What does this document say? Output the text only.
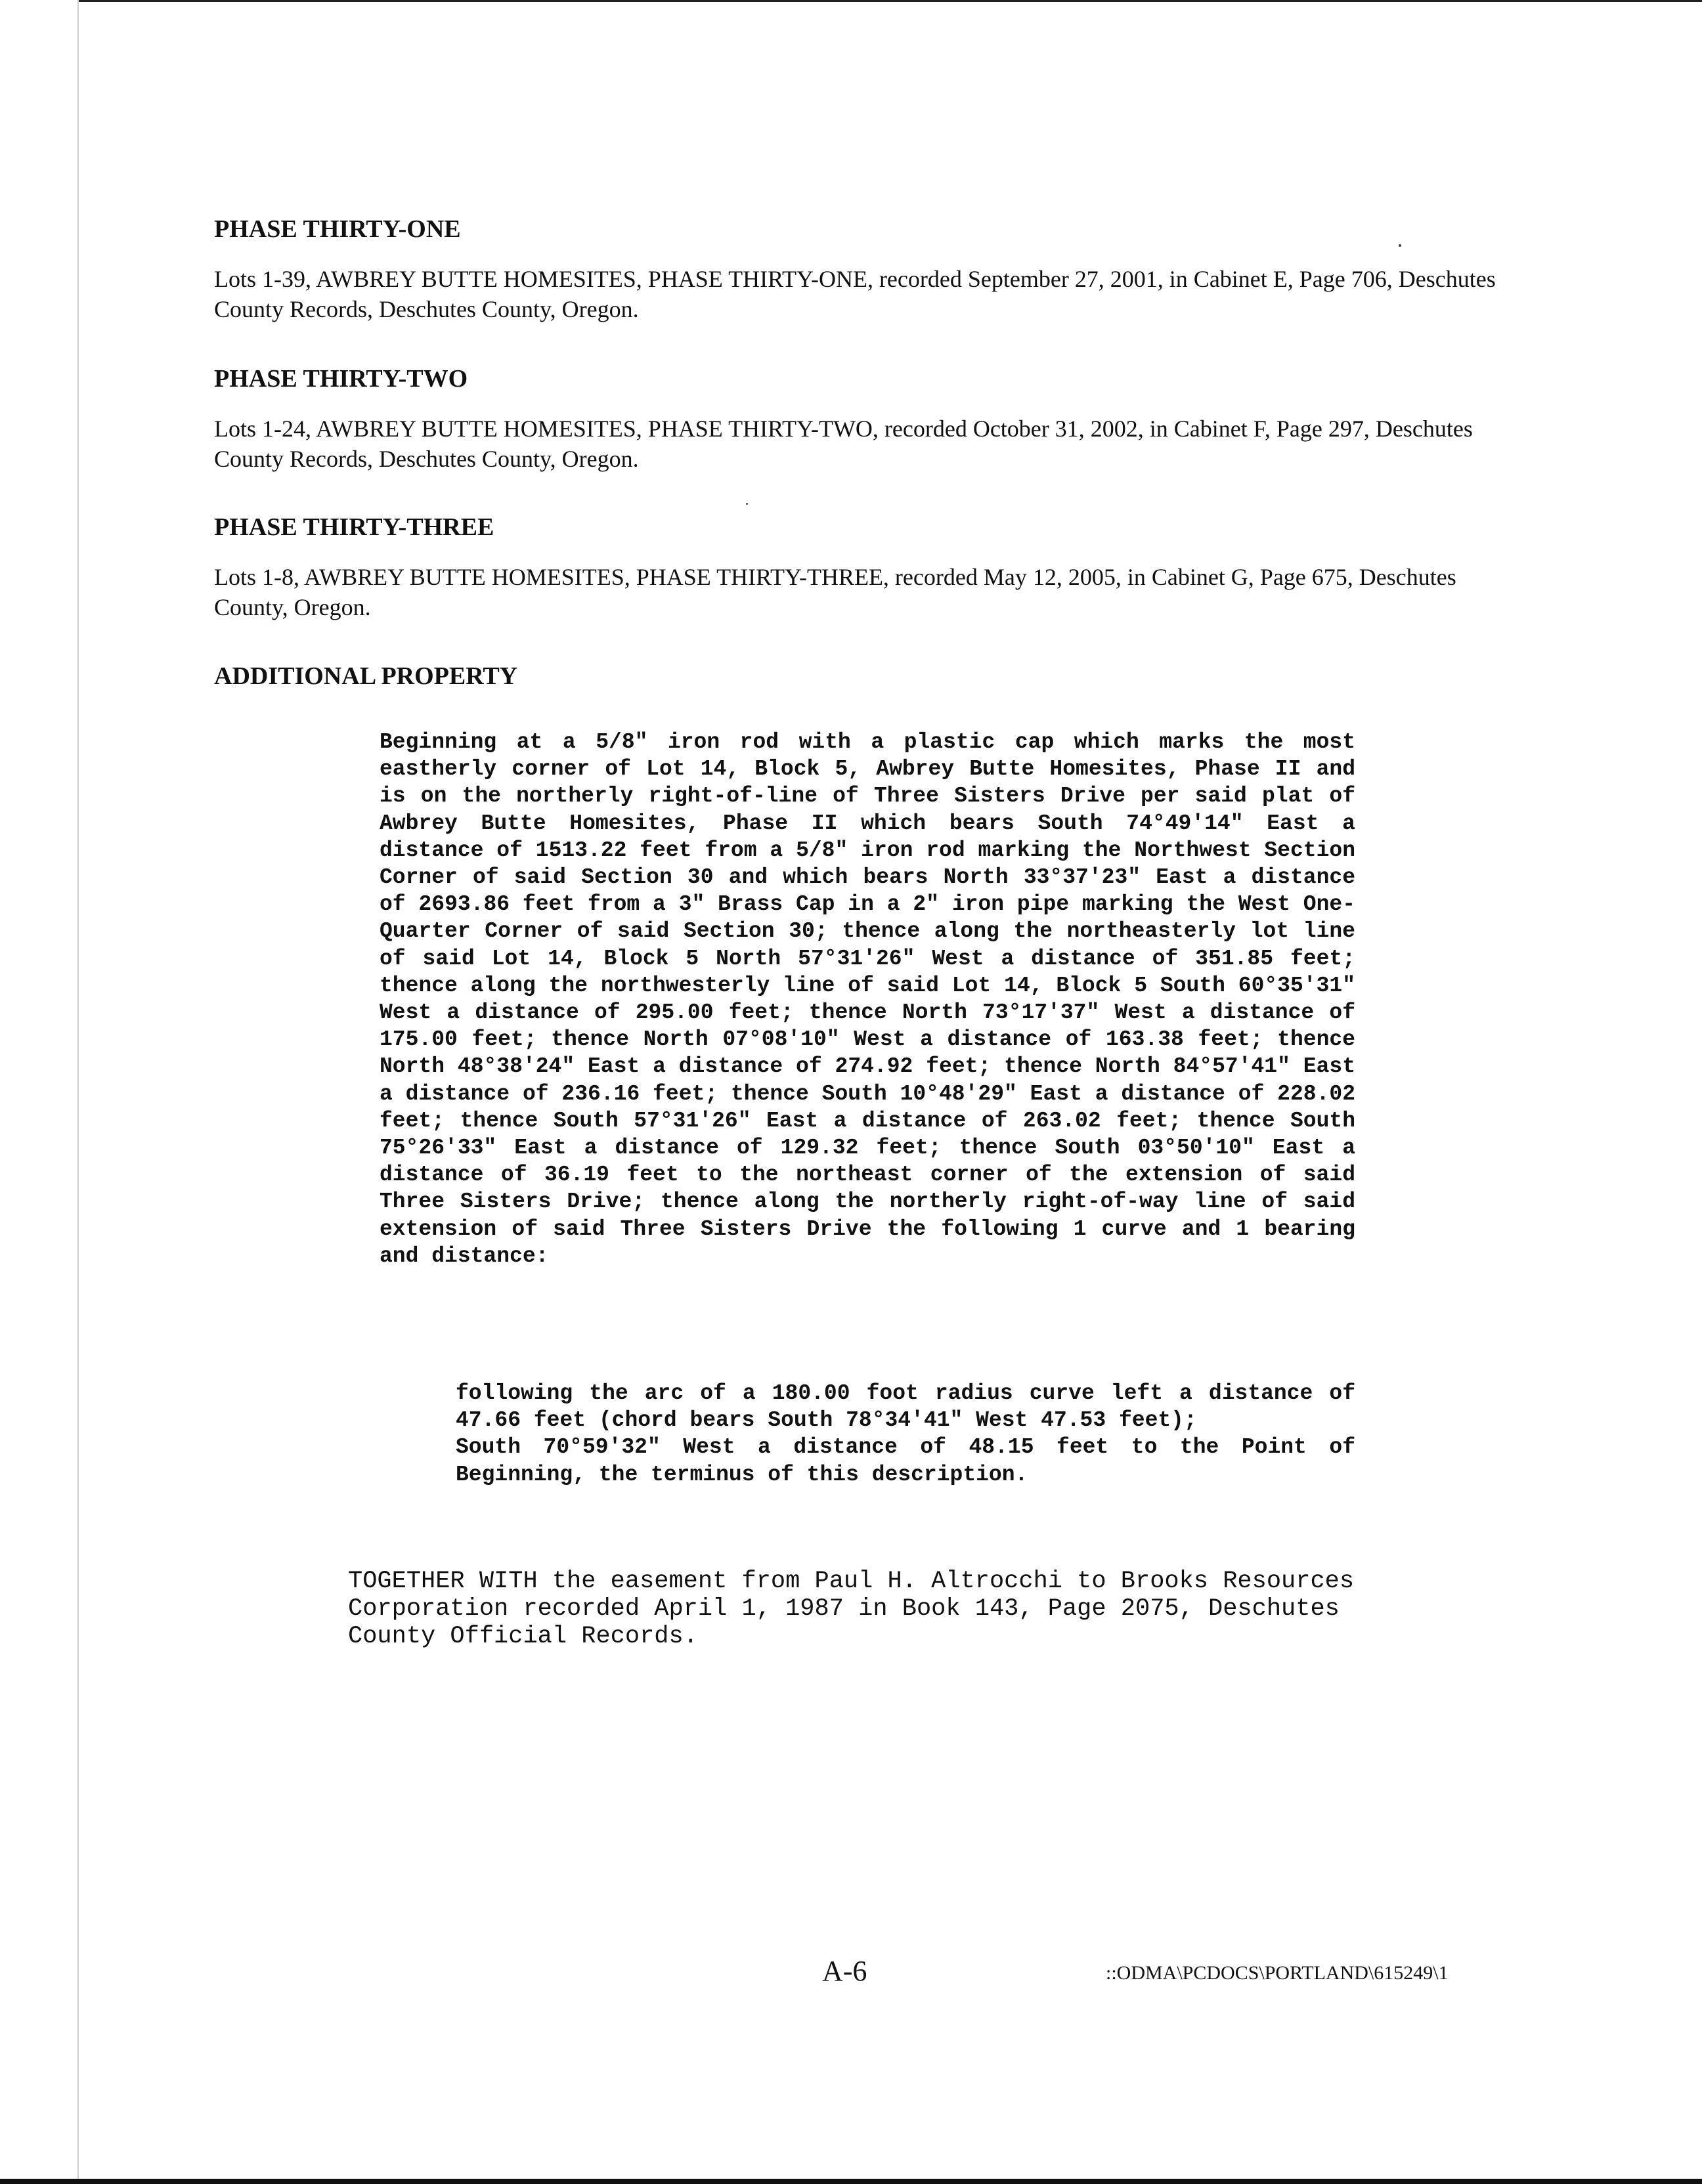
PHASE THIRTY-ONE

Lots 1-39, AWBREY BUTTE HOMESITES, PHASE THIRTY-ONE, recorded September 27, 2001, in Cabinet E, Page 706, Deschutes County Records, Deschutes County, Oregon.

PHASE THIRTY-TWO

Lots 1-24, AWBREY BUTTE HOMESITES, PHASE THIRTY-TWO, recorded October 31, 2002, in Cabinet F, Page 297, Deschutes County Records, Deschutes County, Oregon.

PHASE THIRTY-THREE

Lots 1-8, AWBREY BUTTE HOMESITES, PHASE THIRTY-THREE, recorded May 12, 2005, in Cabinet G, Page 675, Deschutes County, Oregon.

ADDITIONAL PROPERTY

Beginning at a 5/8" iron rod with a plastic cap which marks the most eastherly corner of Lot 14, Block 5, Awbrey Butte Homesites, Phase II and is on the northerly right-of-line of Three Sisters Drive per said plat of Awbrey Butte Homesites, Phase II which bears South 74°49'14" East a distance of 1513.22 feet from a 5/8" iron rod marking the Northwest Section Corner of said Section 30 and which bears North 33°37'23" East a distance of 2693.86 feet from a 3" Brass Cap in a 2" iron pipe marking the West One-Quarter Corner of said Section 30; thence along the northeasterly lot line of said Lot 14, Block 5 North 57°31'26" West a distance of 351.85 feet; thence along the northwesterly line of said Lot 14, Block 5 South 60°35'31" West a distance of 295.00 feet; thence North 73°17'37" West a distance of 175.00 feet; thence North 07°08'10" West a distance of 163.38 feet; thence North 48°38'24" East a distance of 274.92 feet; thence North 84°57'41" East a distance of 236.16 feet; thence South 10°48'29" East a distance of 228.02 feet; thence South 57°31'26" East a distance of 263.02 feet; thence South 75°26'33" East a distance of 129.32 feet; thence South 03°50'10" East a distance of 36.19 feet to the northeast corner of the extension of said Three Sisters Drive; thence along the northerly right-of-way line of said extension of said Three Sisters Drive the following 1 curve and 1 bearing and distance:

following the arc of a 180.00 foot radius curve left a distance of 47.66 feet (chord bears South 78°34'41" West 47.53 feet);

South 70°59'32" West a distance of 48.15 feet to the Point of Beginning, the terminus of this description.

TOGETHER WITH the easement from Paul H. Altrocchi to Brooks Resources Corporation recorded April 1, 1987 in Book 143, Page 2075, Deschutes County Official Records.

A-6	::ODMA\PCDOCS\PORTLAND\615249\1
